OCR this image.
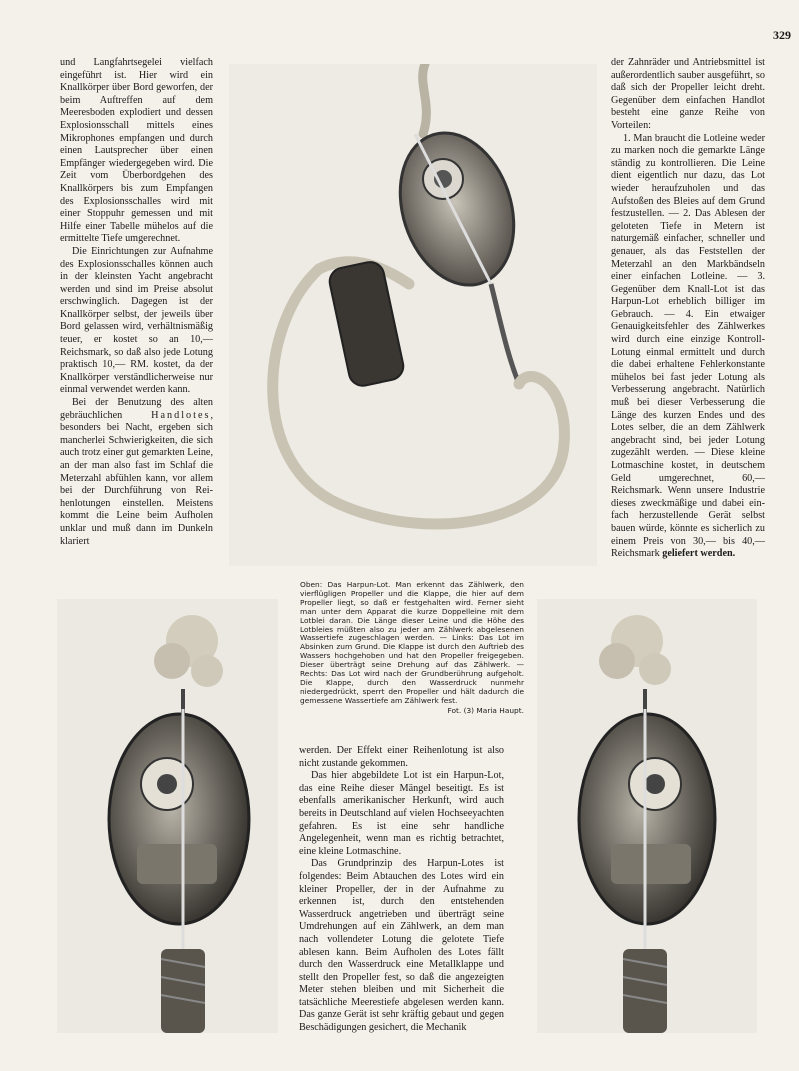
329

und Langfahrtsegelei vielfach eingeführt ist. Hier wird ein Knallkörper über Bord geworfen, der beim Auftreffen auf dem Meeresboden explodiert und dessen Explosionsschall mittels eines Mikrophones empfangen und durch einen Lautsprecher über einen Empfänger wiedergegeben wird. Die Zeit vom Überbordgehen des Knallkörpers bis zum Empfangen des Explosionsschalles wird mit einer Stoppuhr gemessen und mit Hilfe einer Tabelle mühelos auf die ermittelte Tiefe umgerechnet.

Die Einrichtungen zur Aufnahme des Explosionsschalles können auch in der kleinsten Yacht angebracht werden und sind im Preise absolut erschwinglich. Dagegen ist der Knallkörper selbst, der jeweils über Bord gelassen wird, verhältnismäßig teuer, er kostet so an 10,— Reichsmark, so daß also jede Lotung praktisch 10,— RM. kostet, da der Knallkörper verständlicherweise nur einmal verwendet werden kann.

Bei der Benutzung des alten gebräuchlichen Handlotes, besonders bei Nacht, ergeben sich mancherlei Schwierigkeiten, die sich auch trotz einer gut gemarkten Leine, an der man also fast im Schlaf die Meterzahl abfühlen kann, vor allem bei der Durchführung von Reihenlotungen einstellen. Meistens kommt die Leine beim Aufholen unklar und muß dann im Dunkeln klariert

der Zahnräder und Antriebsmittel ist außerordentlich sauber ausgeführt, so daß sich der Propeller leicht dreht. Gegenüber dem einfachen Handlot besteht eine ganze Reihe von Vorteilen:

1. Man braucht die Lotleine weder zu marken noch die gemarkte Länge ständig zu kontrollieren. Die Leine dient eigentlich nur dazu, das Lot wieder heraufzuholen und das Aufstoßen des Bleies auf dem Grund festzustellen. — 2. Das Ablesen der geloteten Tiefe in Metern ist naturgemäß einfacher, schneller und genauer, als das Feststellen der Meterzahl an den Markbändseln einer einfachen Lotleine. — 3. Gegenüber dem Knall-Lot ist das Harpun-Lot erheblich billiger im Gebrauch. — 4. Ein etwaiger Genauigkeitsfehler des Zählwerkes wird durch eine einzige Kontroll-Lotung einmal ermittelt und durch die dabei erhaltene Fehlerkonstante mühelos bei fast jeder Lotung als Verbesserung angebracht. Natürlich muß bei dieser Verbesserung die Länge des kurzen Endes und des Lotes selber, die an dem Zählwerk angebracht sind, bei jeder Lotung zugezählt werden. — Diese kleine Lotmaschine kostet, in deutschem Geld umgerechnet, 60,— Reichsmark. Wenn unsere Industrie dieses zweckmäßige und dabei einfach herzustellende Gerät selbst bauen würde, könnte es sicherlich zu einem Preis von 30,— bis 40,— Reichsmark geliefert werden.

Oben: Das Harpun-Lot. Man erkennt das Zählwerk, den vierflügligen Propeller und die Klappe, die hier auf dem Propeller liegt, so daß er festgehalten wird. Ferner sieht man unter dem Apparat die kurze Doppelleine mit dem Lotblei daran. Die Länge dieser Leine und die Höhe des Lotbleies müßten also zu jeder am Zählwerk abgelesenen Wassertiefe zugeschlagen werden. — Links: Das Lot im Absinken zum Grund. Die Klappe ist durch den Auftrieb des Wassers hochgehoben und hat den Propeller freigegeben. Dieser überträgt seine Drehung auf das Zählwerk. — Rechts: Das Lot wird nach der Grundberührung aufgeholt. Die Klappe, durch den Wasserdruck nunmehr niedergedrückt, sperrt den Propeller und hält dadurch die gemessene Wassertiefe am Zählwerk fest.

Fot. (3) Maria Haupt.

werden. Der Effekt einer Reihenlotung ist also nicht zustande gekommen.

Das hier abgebildete Lot ist ein Harpun-Lot, das eine Reihe dieser Mängel beseitigt. Es ist ebenfalls amerikanischer Herkunft, wird auch bereits in Deutschland auf vielen Hochseeyachten gefahren. Es ist eine sehr handliche Angelegenheit, wenn man es richtig betrachtet, eine kleine Lotmaschine.

Das Grundprinzip des Harpun-Lotes ist folgendes: Beim Abtauchen des Lotes wird ein kleiner Propeller, der in der Aufnahme zu erkennen ist, durch den entstehenden Wasserdruck angetrieben und überträgt seine Umdrehungen auf ein Zählwerk, an dem man nach vollendeter Lotung die gelotete Tiefe ablesen kann. Beim Aufholen des Lotes fällt durch den Wasserdruck eine Metallklappe und stellt den Propeller fest, so daß die angezeigten Meter stehen bleiben und mit Sicherheit die tatsächliche Meerestiefe abgelesen werden kann. Das ganze Gerät ist sehr kräftig gebaut und gegen Beschädigungen gesichert, die Mechanik
